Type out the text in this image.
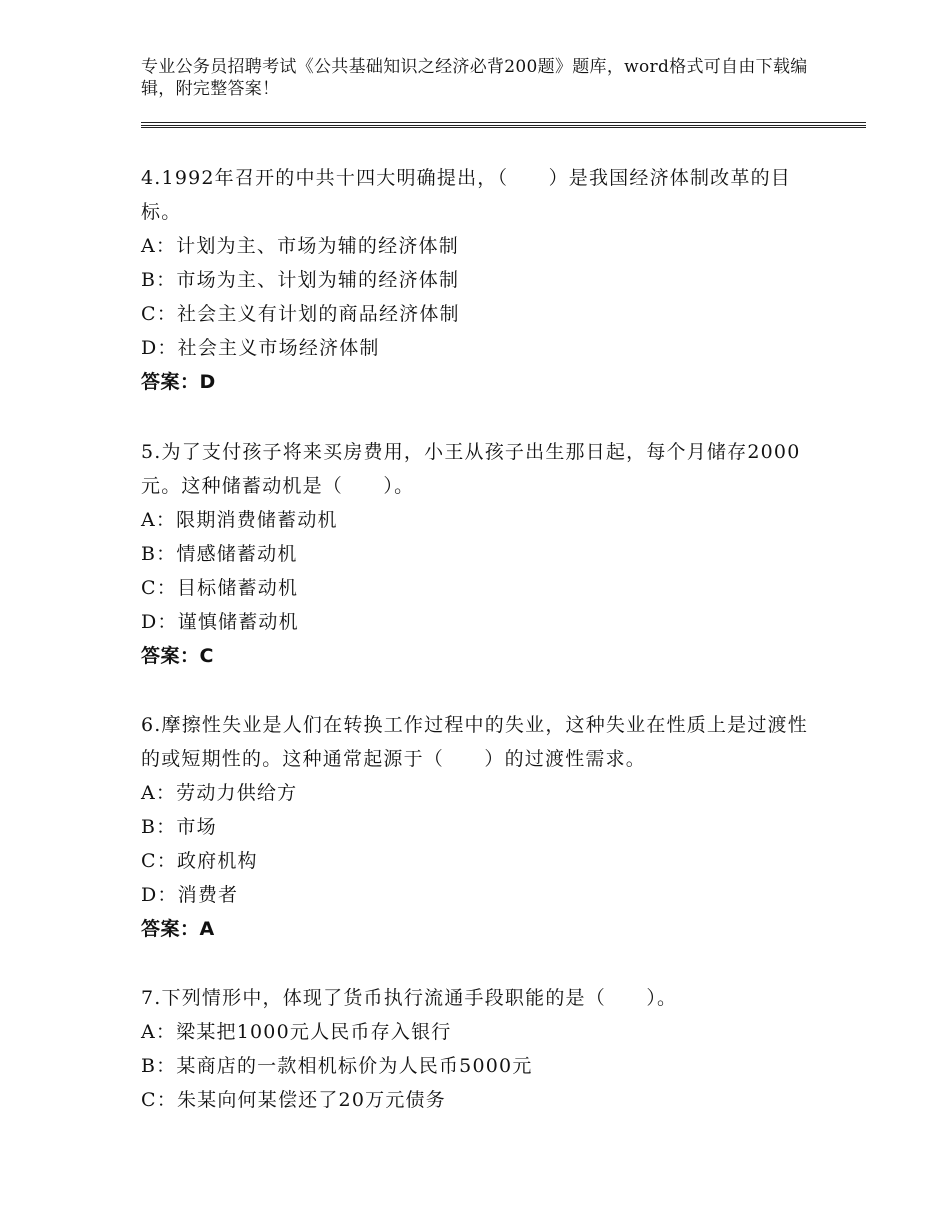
专业公务员招聘考试《公共基础知识之经济必背200题》题库，word格式可自由下载编辑，附完整答案！

4.1992年召开的中共十四大明确提出，（　　）是我国经济体制改革的目标。

A：计划为主、市场为辅的经济体制

B：市场为主、计划为辅的经济体制

C：社会主义有计划的商品经济体制

D：社会主义市场经济体制

答案：D

5.为了支付孩子将来买房费用，小王从孩子出生那日起，每个月储存2000元。这种储蓄动机是（　　）。

A：限期消费储蓄动机

B：情感储蓄动机

C：目标储蓄动机

D：谨慎储蓄动机

答案：C

6.摩擦性失业是人们在转换工作过程中的失业，这种失业在性质上是过渡性的或短期性的。这种通常起源于（　　）的过渡性需求。

A：劳动力供给方

B：市场

C：政府机构

D：消费者

答案：A

7.下列情形中，体现了货币执行流通手段职能的是（　　）。

A：梁某把1000元人民币存入银行

B：某商店的一款相机标价为人民币5000元

C：朱某向何某偿还了20万元债务
